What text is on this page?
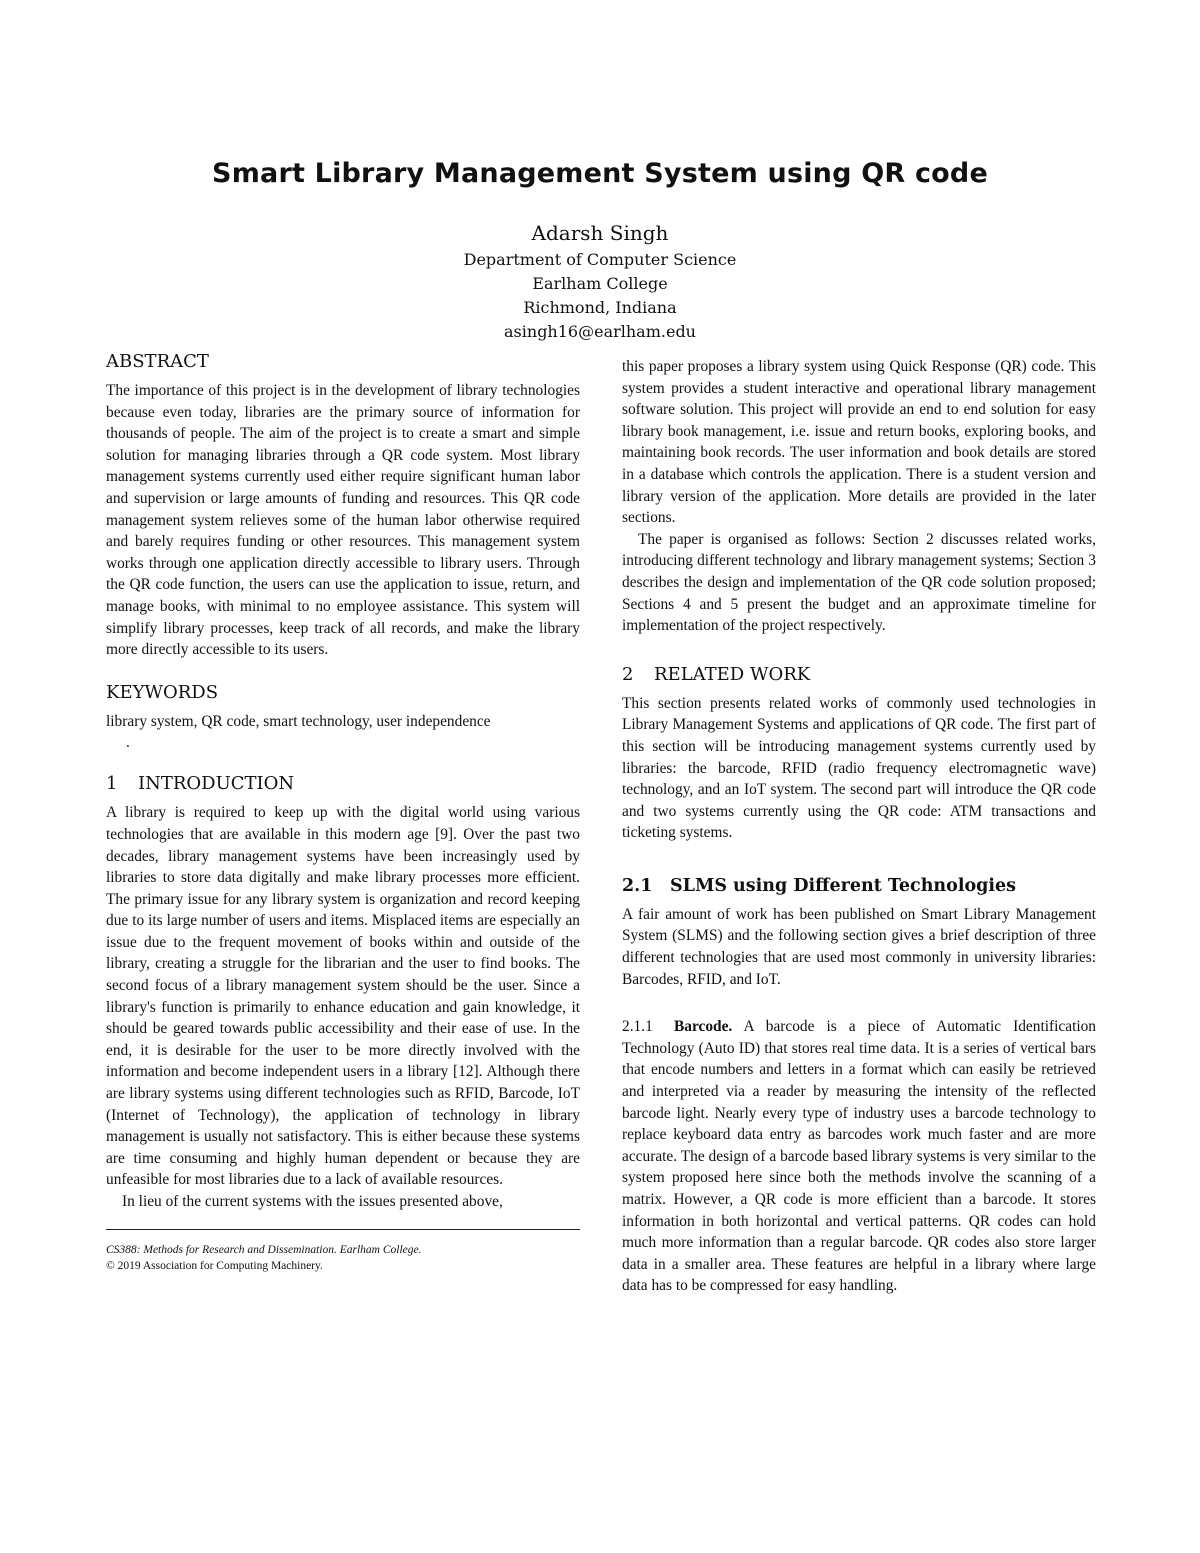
Smart Library Management System using QR code
Adarsh Singh
Department of Computer Science
Earlham College
Richmond, Indiana
asingh16@earlham.edu
ABSTRACT

The importance of this project is in the development of library technologies because even today, libraries are the primary source of information for thousands of people. The aim of the project is to create a smart and simple solution for managing libraries through a QR code system. Most library management systems currently used either require significant human labor and supervision or large amounts of funding and resources. This QR code management system relieves some of the human labor otherwise required and barely requires funding or other resources. This management system works through one application directly accessible to library users. Through the QR code function, the users can use the application to issue, return, and manage books, with minimal to no employee assistance. This system will simplify library processes, keep track of all records, and make the library more directly accessible to its users.

KEYWORDS

library system, QR code, smart technology, user independence

.
1 INTRODUCTION

A library is required to keep up with the digital world using various technologies that are available in this modern age [9]. Over the past two decades, library management systems have been increasingly used by libraries to store data digitally and make library processes more efficient. The primary issue for any library system is organization and record keeping due to its large number of users and items. Misplaced items are especially an issue due to the frequent movement of books within and outside of the library, creating a struggle for the librarian and the user to find books. The second focus of a library management system should be the user. Since a library's function is primarily to enhance education and gain knowledge, it should be geared towards public accessibility and their ease of use. In the end, it is desirable for the user to be more directly involved with the information and become independent users in a library [12]. Although there are library systems using different technologies such as RFID, Barcode, IoT (Internet of Technology), the application of technology in library management is usually not satisfactory. This is either because these systems are time consuming and highly human dependent or because they are unfeasible for most libraries due to a lack of available resources.

In lieu of the current systems with the issues presented above,

CS388: Methods for Research and Dissemination. Earlham College.
© 2019 Association for Computing Machinery.

this paper proposes a library system using Quick Response (QR) code. This system provides a student interactive and operational library management software solution. This project will provide an end to end solution for easy library book management, i.e. issue and return books, exploring books, and maintaining book records. The user information and book details are stored in a database which controls the application. There is a student version and library version of the application. More details are provided in the later sections.

The paper is organised as follows: Section 2 discusses related works, introducing different technology and library management systems; Section 3 describes the design and implementation of the QR code solution proposed; Sections 4 and 5 present the budget and an approximate timeline for implementation of the project respectively.

2 RELATED WORK

This section presents related works of commonly used technologies in Library Management Systems and applications of QR code. The first part of this section will be introducing management systems currently used by libraries: the barcode, RFID (radio frequency electromagnetic wave) technology, and an IoT system. The second part will introduce the QR code and two systems currently using the QR code: ATM transactions and ticketing systems.

2.1 SLMS using Different Technologies

A fair amount of work has been published on Smart Library Management System (SLMS) and the following section gives a brief description of three different technologies that are used most commonly in university libraries: Barcodes, RFID, and IoT.

2.1.1 Barcode. A barcode is a piece of Automatic Identification Technology (Auto ID) that stores real time data. It is a series of vertical bars that encode numbers and letters in a format which can easily be retrieved and interpreted via a reader by measuring the intensity of the reflected barcode light. Nearly every type of industry uses a barcode technology to replace keyboard data entry as barcodes work much faster and are more accurate. The design of a barcode based library systems is very similar to the system proposed here since both the methods involve the scanning of a matrix. However, a QR code is more efficient than a barcode. It stores information in both horizontal and vertical patterns. QR codes can hold much more information than a regular barcode. QR codes also store larger data in a smaller area. These features are helpful in a library where large data has to be compressed for easy handling.
